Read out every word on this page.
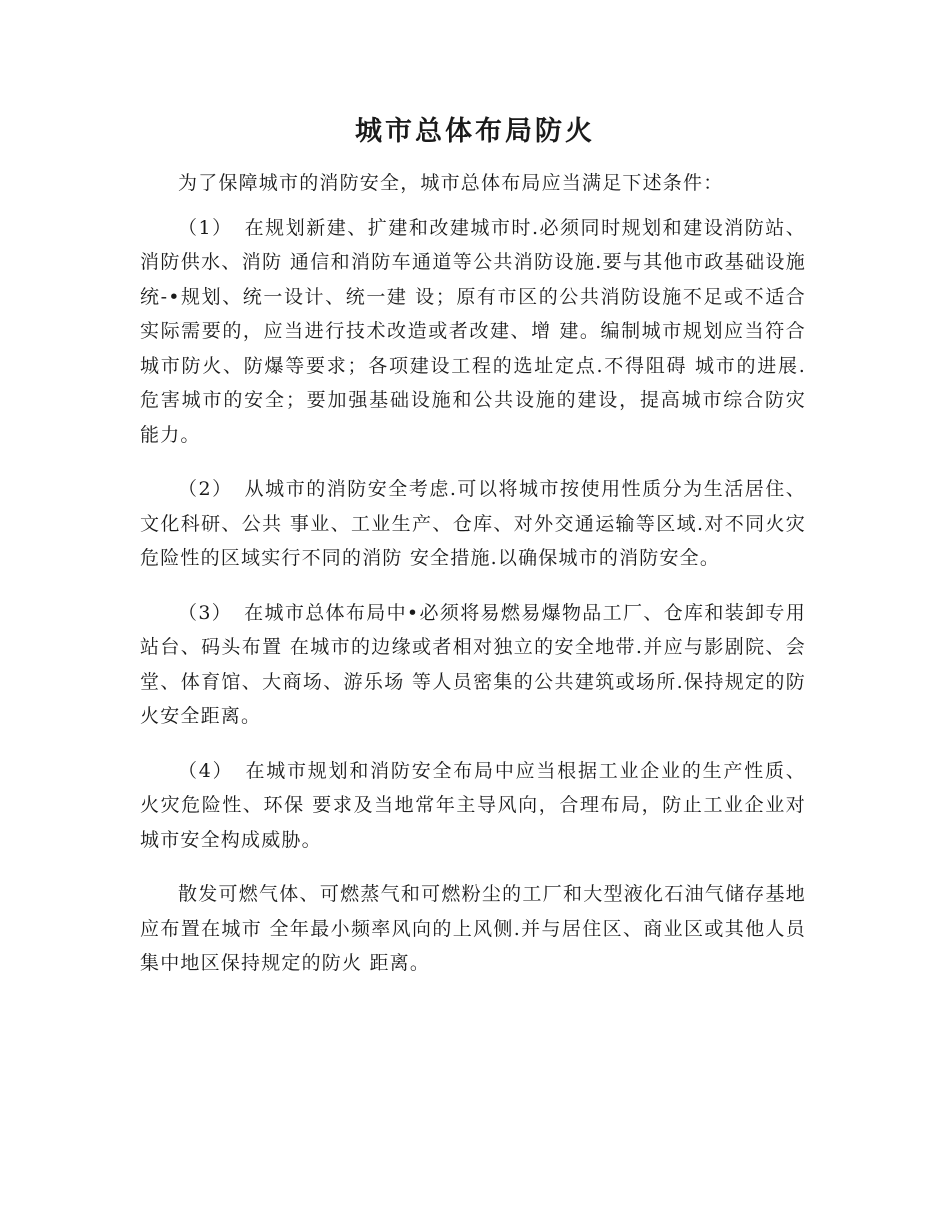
城市总体布局防火

为了保障城市的消防安全，城市总体布局应当满足下述条件：

（1） 在规划新建、扩建和改建城市时.必须同时规划和建设消防站、消防供水、消防 通信和消防车通道等公共消防设施.要与其他市政基础设施统-•规划、统一设计、统一建 设；原有市区的公共消防设施不足或不适合实际需要的，应当进行技术改造或者改建、增 建。编制城市规划应当符合城市防火、防爆等要求；各项建设工程的选址定点.不得阻碍 城市的进展.危害城市的安全；要加强基础设施和公共设施的建设，提高城市综合防灾 能力。

（2） 从城市的消防安全考虑.可以将城市按使用性质分为生活居住、文化科研、公共 事业、工业生产、仓库、对外交通运输等区域.对不同火灾危险性的区域实行不同的消防 安全措施.以确保城市的消防安全。

（3） 在城市总体布局中•必须将易燃易爆物品工厂、仓库和装卸专用站台、码头布置 在城市的边缘或者相对独立的安全地带.并应与影剧院、会堂、体育馆、大商场、游乐场 等人员密集的公共建筑或场所.保持规定的防火安全距离。

（4） 在城市规划和消防安全布局中应当根据工业企业的生产性质、火灾危险性、环保 要求及当地常年主导风向，合理布局，防止工业企业对城市安全构成威胁。

散发可燃气体、可燃蒸气和可燃粉尘的工厂和大型液化石油气储存基地应布置在城市 全年最小频率风向的上风侧.并与居住区、商业区或其他人员集中地区保持规定的防火 距离。
